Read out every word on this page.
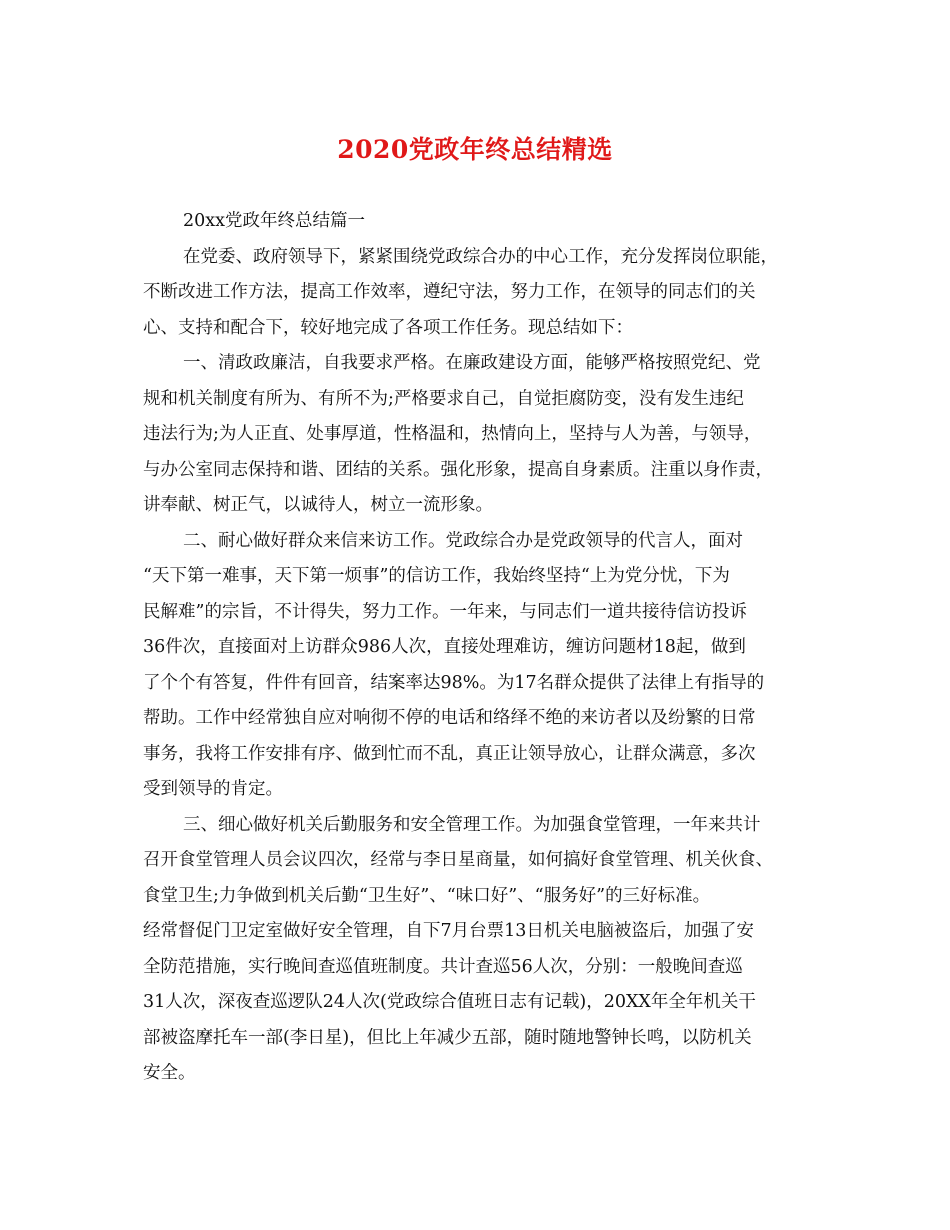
2020党政年终总结精选
20xx党政年终总结篇一
在党委、政府领导下，紧紧围绕党政综合办的中心工作，充分发挥岗位职能，
不断改进工作方法，提高工作效率，遵纪守法，努力工作，在领导的同志们的关
心、支持和配合下，较好地完成了各项工作任务。现总结如下：
一、清政政廉洁，自我要求严格。在廉政建设方面，能够严格按照党纪、党
规和机关制度有所为、有所不为;严格要求自己，自觉拒腐防变，没有发生违纪
违法行为;为人正直、处事厚道，性格温和，热情向上，坚持与人为善，与领导，
与办公室同志保持和谐、团结的关系。强化形象，提高自身素质。注重以身作责，
讲奉献、树正气，以诚待人，树立一流形象。
二、耐心做好群众来信来访工作。党政综合办是党政领导的代言人，面对
“天下第一难事，天下第一烦事”的信访工作，我始终坚持“上为党分忧，下为
民解难”的宗旨，不计得失，努力工作。一年来，与同志们一道共接待信访投诉
36件次，直接面对上访群众986人次，直接处理难访，缠访问题材18起，做到
了个个有答复，件件有回音，结案率达98%。为17名群众提供了法律上有指导的
帮助。工作中经常独自应对响彻不停的电话和络绎不绝的来访者以及纷繁的日常
事务，我将工作安排有序、做到忙而不乱，真正让领导放心，让群众满意，多次
受到领导的肯定。
三、细心做好机关后勤服务和安全管理工作。为加强食堂管理，一年来共计
召开食堂管理人员会议四次，经常与李日星商量，如何搞好食堂管理、机关伙食、
食堂卫生;力争做到机关后勤“卫生好”、“味口好”、“服务好”的三好标准。
经常督促门卫定室做好安全管理，自下7月台票13日机关电脑被盗后，加强了安
全防范措施，实行晚间查巡值班制度。共计查巡56人次，分别：一般晚间查巡
31人次，深夜查巡逻队24人次(党政综合值班日志有记载)，20XX年全年机关干
部被盗摩托车一部(李日星)，但比上年减少五部，随时随地警钟长鸣，以防机关
安全。
